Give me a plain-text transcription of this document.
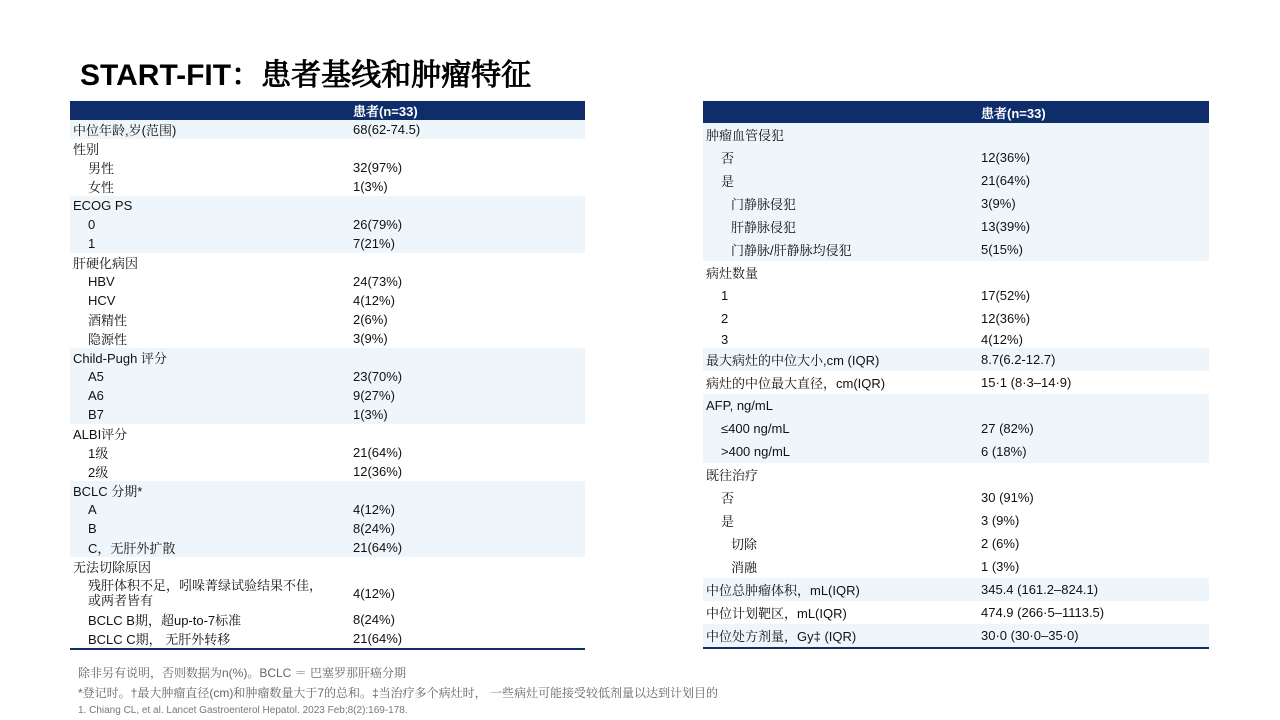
START-FIT：患者基线和肿瘤特征
	患者(n=33)
中位年龄,岁(范围)	68(62-74.5)
性别	
男性	32(97%)
女性	1(3%)
ECOG PS	
0	26(79%)
1	7(21%)
肝硬化病因	
HBV	24(73%)
HCV	4(12%)
酒精性	2(6%)
隐源性	3(9%)
Child-Pugh 评分	
A5	23(70%)
A6	9(27%)
B7	1(3%)
ALBI评分	
1级	21(64%)
2级	12(36%)
BCLC 分期*	
A	4(12%)
B	8(24%)
C，无肝外扩散	21(64%)
无法切除原因	
残肝体积不足，吲哚菁绿试验结果不佳，或两者皆有	4(12%)
BCLC B期，超up-to-7标准	8(24%)
BCLC C期， 无肝外转移	21(64%)
	患者(n=33)
肿瘤血管侵犯	
否	12(36%)
是	21(64%)
门静脉侵犯	3(9%)
肝静脉侵犯	13(39%)
门静脉/肝静脉均侵犯	5(15%)
病灶数量	
1	17(52%)
2	12(36%)
3	4(12%)
最大病灶的中位大小,cm (IQR)	8.7(6.2-12.7)
病灶的中位最大直径，cm(IQR)	15·1 (8·3–14·9)
AFP, ng/mL	
≤400 ng/mL	27 (82%)
>400 ng/mL	6 (18%)
既往治疗	
否	30 (91%)
是	3 (9%)
切除	2 (6%)
消融	1 (3%)
中位总肿瘤体积，mL(IQR)	345.4 (161.2–824.1)
中位计划靶区，mL(IQR)	474.9 (266·5–1113.5)
中位处方剂量，Gy‡ (IQR)	30·0 (30·0–35·0)
除非另有说明，否则数据为n(%)。BCLC ＝ 巴塞罗那肝癌分期
*登记时。†最大肿瘤直径(cm)和肿瘤数量大于7的总和。‡当治疗多个病灶时， 一些病灶可能接受较低剂量以达到计划目的
1. Chiang CL, et al. Lancet Gastroenterol Hepatol. 2023 Feb;8(2):169-178.
